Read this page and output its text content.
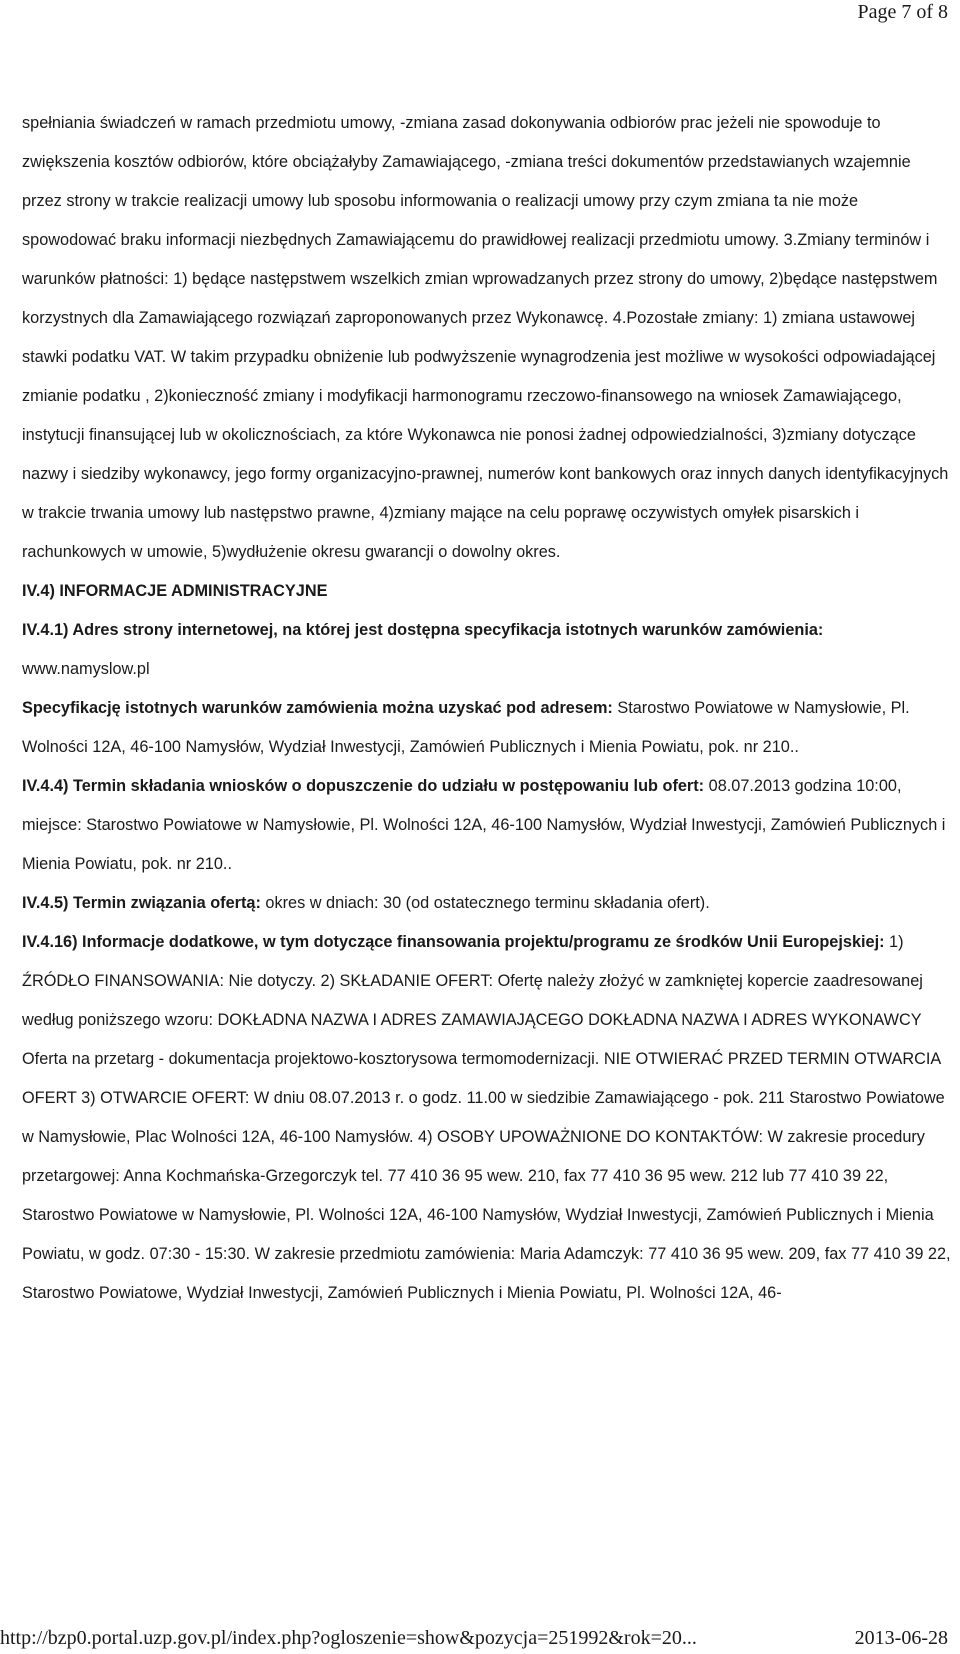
Page 7 of 8

spełniania świadczeń w ramach przedmiotu umowy, -zmiana zasad dokonywania odbiorów prac jeżeli nie spowoduje to zwiększenia kosztów odbiorów, które obciążałyby Zamawiającego, -zmiana treści dokumentów przedstawianych wzajemnie przez strony w trakcie realizacji umowy lub sposobu informowania o realizacji umowy przy czym zmiana ta nie może spowodować braku informacji niezbędnych Zamawiającemu do prawidłowej realizacji przedmiotu umowy. 3.Zmiany terminów i warunków płatności: 1) będące następstwem wszelkich zmian wprowadzanych przez strony do umowy, 2)będące następstwem korzystnych dla Zamawiającego rozwiązań zaproponowanych przez Wykonawcę. 4.Pozostałe zmiany: 1) zmiana ustawowej stawki podatku VAT. W takim przypadku obniżenie lub podwyższenie wynagrodzenia jest możliwe w wysokości odpowiadającej zmianie podatku , 2)konieczność zmiany i modyfikacji harmonogramu rzeczowo-finansowego na wniosek Zamawiającego, instytucji finansującej lub w okolicznościach, za które Wykonawca nie ponosi żadnej odpowiedzialności, 3)zmiany dotyczące nazwy i siedziby wykonawcy, jego formy organizacyjno-prawnej, numerów kont bankowych oraz innych danych identyfikacyjnych w trakcie trwania umowy lub następstwo prawne, 4)zmiany mające na celu poprawę oczywistych omyłek pisarskich i rachunkowych w umowie, 5)wydłużenie okresu gwarancji o dowolny okres.

IV.4) INFORMACJE ADMINISTRACYJNE

IV.4.1) Adres strony internetowej, na której jest dostępna specyfikacja istotnych warunków zamówienia: www.namyslow.pl

Specyfikację istotnych warunków zamówienia można uzyskać pod adresem: Starostwo Powiatowe w Namysłowie, Pl. Wolności 12A, 46-100 Namysłów, Wydział Inwestycji, Zamówień Publicznych i Mienia Powiatu, pok. nr 210..

IV.4.4) Termin składania wniosków o dopuszczenie do udziału w postępowaniu lub ofert: 08.07.2013 godzina 10:00, miejsce: Starostwo Powiatowe w Namysłowie, Pl. Wolności 12A, 46-100 Namysłów, Wydział Inwestycji, Zamówień Publicznych i Mienia Powiatu, pok. nr 210..

IV.4.5) Termin związania ofertą: okres w dniach: 30 (od ostatecznego terminu składania ofert).

IV.4.16) Informacje dodatkowe, w tym dotyczące finansowania projektu/programu ze środków Unii Europejskiej: 1) ŹRÓDŁO FINANSOWANIA: Nie dotyczy. 2) SKŁADANIE OFERT: Ofertę należy złożyć w zamkniętej kopercie zaadresowanej według poniższego wzoru: DOKŁADNA NAZWA I ADRES ZAMAWIAJĄCEGO DOKŁADNA NAZWA I ADRES WYKONAWCY Oferta na przetarg - dokumentacja projektowo-kosztorysowa termomodernizacji. NIE OTWIERAĆ PRZED TERMIN OTWARCIA OFERT 3) OTWARCIE OFERT: W dniu 08.07.2013 r. o godz. 11.00 w siedzibie Zamawiającego - pok. 211 Starostwo Powiatowe w Namysłowie, Plac Wolności 12A, 46-100 Namysłów. 4) OSOBY UPOWAŻNIONE DO KONTAKTÓW: W zakresie procedury przetargowej: Anna Kochmańska-Grzegorczyk tel. 77 410 36 95 wew. 210, fax 77 410 36 95 wew. 212 lub 77 410 39 22, Starostwo Powiatowe w Namysłowie, Pl. Wolności 12A, 46-100 Namysłów, Wydział Inwestycji, Zamówień Publicznych i Mienia Powiatu, w godz. 07:30 - 15:30. W zakresie przedmiotu zamówienia: Maria Adamczyk: 77 410 36 95 wew. 209, fax 77 410 39 22, Starostwo Powiatowe, Wydział Inwestycji, Zamówień Publicznych i Mienia Powiatu, Pl. Wolności 12A, 46-

http://bzp0.portal.uzp.gov.pl/index.php?ogloszenie=show&pozycja=251992&rok=20...	2013-06-28
